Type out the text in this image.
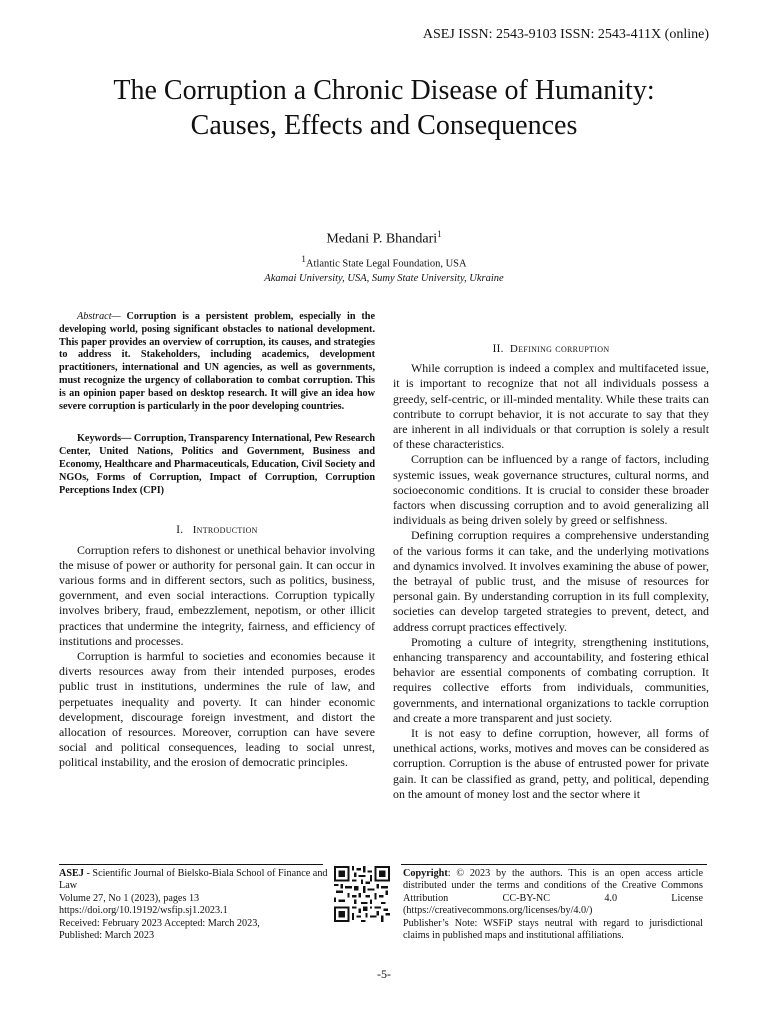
ASEJ ISSN: 2543-9103 ISSN: 2543-411X (online)
The Corruption a Chronic Disease of Humanity:
Causes, Effects and Consequences
Medani P. Bhandari$^1$
$^1$Atlantic State Legal Foundation, USA
Akamai University, USA, Sumy State University, Ukraine

Abstract— Corruption is a persistent problem, especially in the developing world, posing significant obstacles to national development. This paper provides an overview of corruption, its causes, and strategies to address it. Stakeholders, including academics, development practitioners, international and UN agencies, as well as governments, must recognize the urgency of collaboration to combat corruption. This is an opinion paper based on desktop research. It will give an idea how severe corruption is particularly in the poor developing countries.

Keywords— Corruption, Transparency International, Pew Research Center, United Nations, Politics and Government, Business and Economy, Healthcare and Pharmaceuticals, Education, Civil Society and NGOs, Forms of Corruption, Impact of Corruption, Corruption Perceptions Index (CPI)

I. Introduction

Corruption refers to dishonest or unethical behavior involving the misuse of power or authority for personal gain. It can occur in various forms and in different sectors, such as politics, business, government, and even social interactions. Corruption typically involves bribery, fraud, embezzlement, nepotism, or other illicit practices that undermine the integrity, fairness, and efficiency of institutions and processes.

Corruption is harmful to societies and economies because it diverts resources away from their intended purposes, erodes public trust in institutions, undermines the rule of law, and perpetuates inequality and poverty. It can hinder economic development, discourage foreign investment, and distort the allocation of resources. Moreover, corruption can have severe social and political consequences, leading to social unrest, political instability, and the erosion of democratic principles.

II. Defining corruption

While corruption is indeed a complex and multifaceted issue, it is important to recognize that not all individuals possess a greedy, self-centric, or ill-minded mentality. While these traits can contribute to corrupt behavior, it is not accurate to say that they are inherent in all individuals or that corruption is solely a result of these characteristics.

Corruption can be influenced by a range of factors, including systemic issues, weak governance structures, cultural norms, and socioeconomic conditions. It is crucial to consider these broader factors when discussing corruption and to avoid generalizing all individuals as being driven solely by greed or selfishness.

Defining corruption requires a comprehensive understanding of the various forms it can take, and the underlying motivations and dynamics involved. It involves examining the abuse of power, the betrayal of public trust, and the misuse of resources for personal gain. By understanding corruption in its full complexity, societies can develop targeted strategies to prevent, detect, and address corrupt practices effectively.

Promoting a culture of integrity, strengthening institutions, enhancing transparency and accountability, and fostering ethical behavior are essential components of combating corruption. It requires collective efforts from individuals, communities, governments, and international organizations to tackle corruption and create a more transparent and just society.

It is not easy to define corruption, however, all forms of unethical actions, works, motives and moves can be considered as corruption. Corruption is the abuse of entrusted power for private gain. It can be classified as grand, petty, and political, depending on the amount of money lost and the sector where it

ASEJ - Scientific Journal of Bielsko-Biala School of Finance and Law
Volume 27, No 1 (2023), pages 13
https://doi.org/10.19192/wsfip.sj1.2023.1
Received: February 2023 Accepted: March 2023,
Published: March 2023
Copyright: © 2023 by the authors. This is an open access article distributed under the terms and conditions of the Creative Commons Attribution CC-BY-NC 4.0 License (https://creativecommons.org/licenses/by/4.0/)
Publisher’s Note: WSFiP stays neutral with regard to jurisdictional claims in published maps and institutional affiliations.
-5-
